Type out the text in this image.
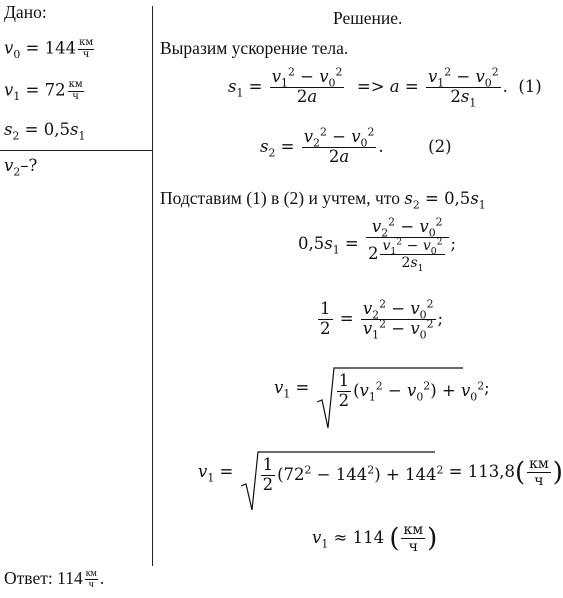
Дано:
$v_0 = 144$ км
ч
$v_1 = 72$ км
ч
$s_2 = 0,5s_1$
$v_2-$?
Решение.
Выразим ускорение тела.
$s_1 = \frac{v_1^2 - v_0^2}{2a} => a = \frac{v_1^2 - v_0^2}{2s_1}$ .  (1)
$s_2 = \frac{v_2^2 - v_0^2}{2a}$ .  (2)
Подставим (1) в (2) и учтем, что $s_2 = 0,5s_1$
$0,5s_1 = \frac{v_2^2 - v_0^2}{2 \frac{v_1^2 - v_0^2}{2s_1}}$ ;
$\frac{1}{2} = \frac{v_2^2 - v_0^2}{v_1^2 - v_0^2}$ ;
$v_1 = \frac{1}{2} (v_1^2 - v_0^2) + v_0^2$;
$v_1 = \frac{1}{2} (72^2 - 144^2) + 144^2 = 113,8( \frac{км}{ч}$ )
$v_1 \approx 114$ ( $\frac{км}{ч}$ )
Ответ: 114 км
ч .
